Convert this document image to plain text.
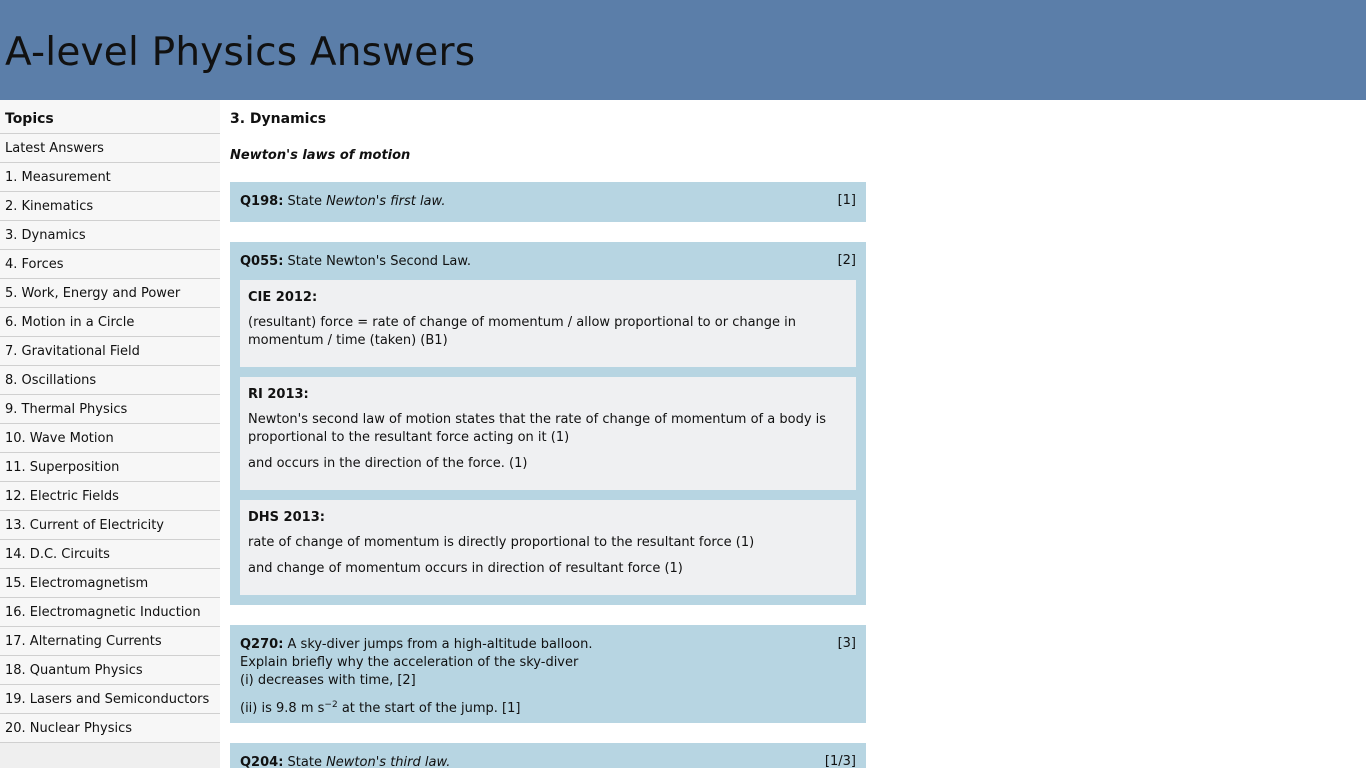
A-level Physics Answers
Topics
Latest Answers
1. Measurement
2. Kinematics
3. Dynamics
4. Forces
5. Work, Energy and Power
6. Motion in a Circle
7. Gravitational Field
8. Oscillations
9. Thermal Physics
10. Wave Motion
11. Superposition
12. Electric Fields
13. Current of Electricity
14. D.C. Circuits
15. Electromagnetism
16. Electromagnetic Induction
17. Alternating Currents
18. Quantum Physics
19. Lasers and Semiconductors
20. Nuclear Physics
3. Dynamics
Newton's laws of motion
Q198: State Newton's first law.	[1]
Q055: State Newton's Second Law.	[2]
CIE 2012:

(resultant) force = rate of change of momentum / allow proportional to or change in momentum / time (taken) (B1)

RI 2013:

Newton's second law of motion states that the rate of change of momentum of a body is proportional to the resultant force acting on it (1)

and occurs in the direction of the force. (1)

DHS 2013:

rate of change of momentum is directly proportional to the resultant force (1)

and change of momentum occurs in direction of resultant force (1)

Q270: A sky-diver jumps from a high-altitude balloon.
Explain briefly why the acceleration of the sky-diver
(i) decreases with time, [2]
(ii) is 9.8 m $s^{-2}$ at the start of the jump. [1]
[3]
Q204: State Newton's third law.	[1/3]
